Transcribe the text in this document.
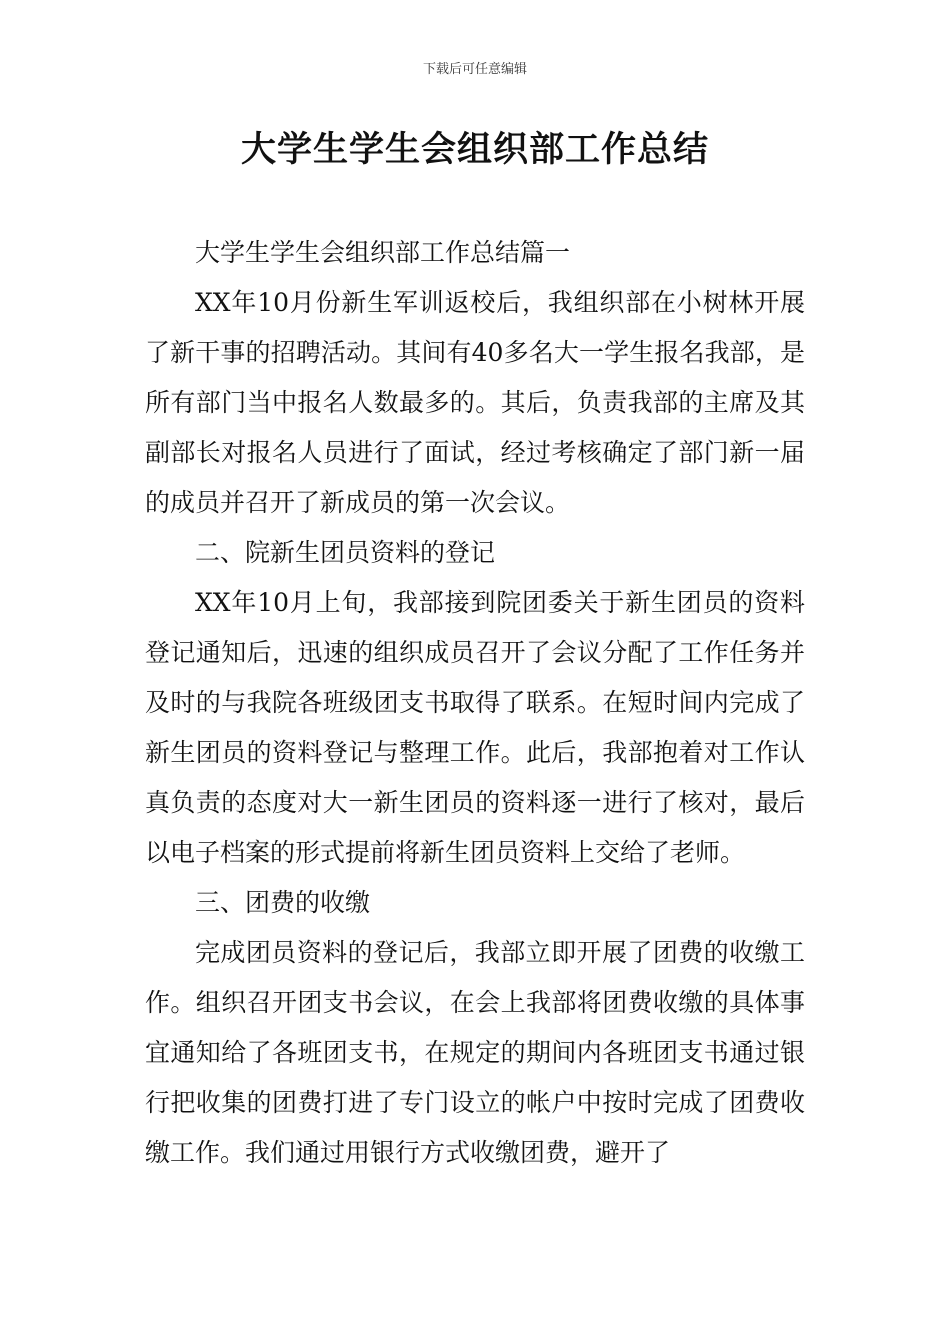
下载后可任意编辑
大学生学生会组织部工作总结

大学生学生会组织部工作总结篇一

XX年10月份新生军训返校后，我组织部在小树林开展了新干事的招聘活动。其间有40多名大一学生报名我部，是所有部门当中报名人数最多的。其后，负责我部的主席及其副部长对报名人员进行了面试，经过考核确定了部门新一届的成员并召开了新成员的第一次会议。

二、院新生团员资料的登记

XX年10月上旬，我部接到院团委关于新生团员的资料登记通知后，迅速的组织成员召开了会议分配了工作任务并及时的与我院各班级团支书取得了联系。在短时间内完成了新生团员的资料登记与整理工作。此后，我部抱着对工作认真负责的态度对大一新生团员的资料逐一进行了核对，最后以电子档案的形式提前将新生团员资料上交给了老师。

三、团费的收缴

完成团员资料的登记后，我部立即开展了团费的收缴工作。组织召开团支书会议，在会上我部将团费收缴的具体事宜通知给了各班团支书，在规定的期间内各班团支书通过银行把收集的团费打进了专门设立的帐户中按时完成了团费收缴工作。我们通过用银行方式收缴团费，避开了
